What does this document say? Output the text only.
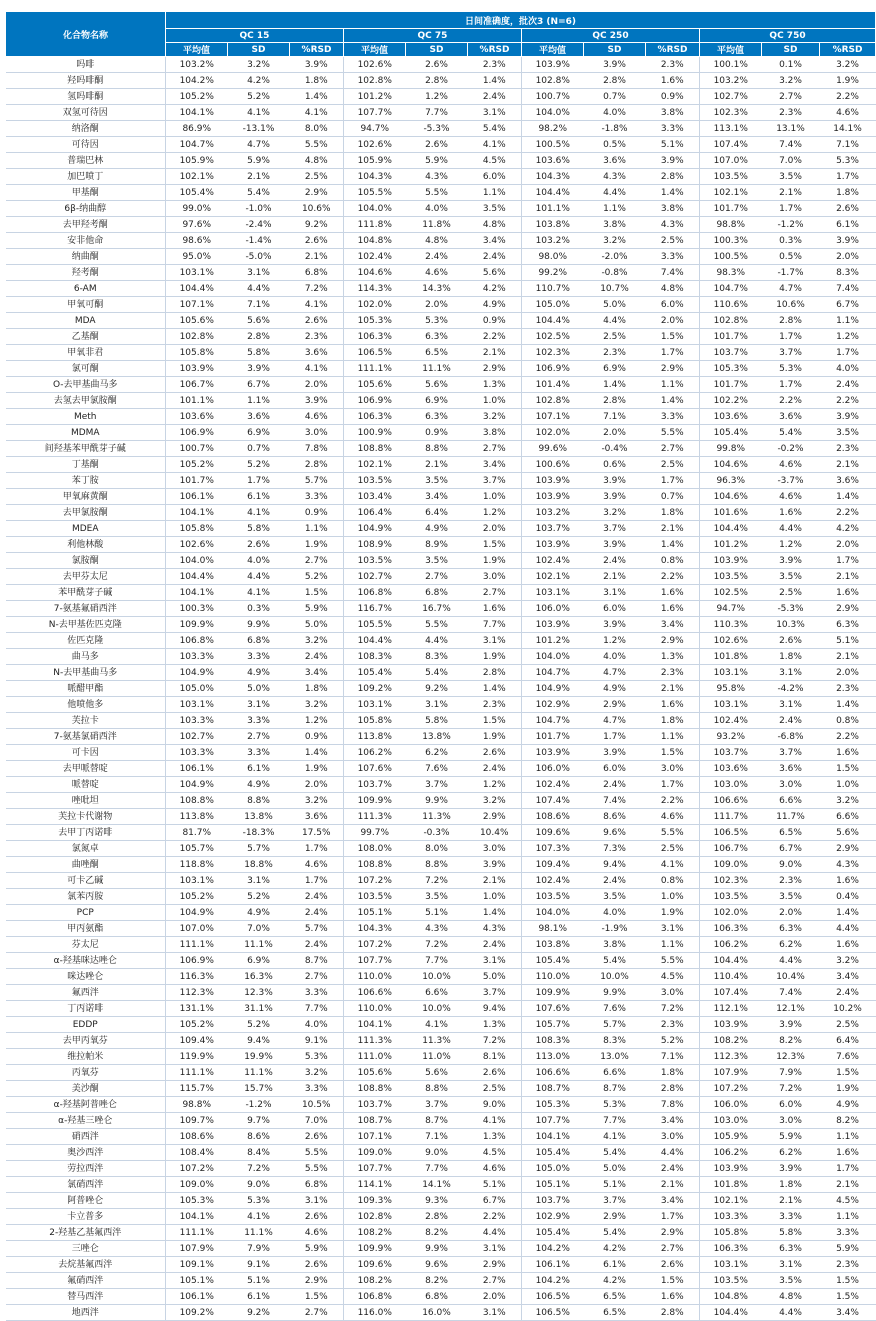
化合物名称	日间准确度，批次3 (N=6)											
	QC 15			QC 75			QC 250			QC 750		
	平均值	SD	%RSD	平均值	SD	%RSD	平均值	SD	%RSD	平均值	SD	%RSD
吗啡	103.2%	3.2%	3.9%	102.6%	2.6%	2.3%	103.9%	3.9%	2.3%	100.1%	0.1%	3.2%
羟吗啡酮	104.2%	4.2%	1.8%	102.8%	2.8%	1.4%	102.8%	2.8%	1.6%	103.2%	3.2%	1.9%
氢吗啡酮	105.2%	5.2%	1.4%	101.2%	1.2%	2.4%	100.7%	0.7%	0.9%	102.7%	2.7%	2.2%
双氢可待因	104.1%	4.1%	4.1%	107.7%	7.7%	3.1%	104.0%	4.0%	3.8%	102.3%	2.3%	4.6%
纳洛酮	86.9%	-13.1%	8.0%	94.7%	-5.3%	5.4%	98.2%	-1.8%	3.3%	113.1%	13.1%	14.1%
可待因	104.7%	4.7%	5.5%	102.6%	2.6%	4.1%	100.5%	0.5%	5.1%	107.4%	7.4%	7.1%
普瑞巴林	105.9%	5.9%	4.8%	105.9%	5.9%	4.5%	103.6%	3.6%	3.9%	107.0%	7.0%	5.3%
加巴喷丁	102.1%	2.1%	2.5%	104.3%	4.3%	6.0%	104.3%	4.3%	2.8%	103.5%	3.5%	1.7%
甲基酮	105.4%	5.4%	2.9%	105.5%	5.5%	1.1%	104.4%	4.4%	1.4%	102.1%	2.1%	1.8%
6β-纳曲醇	99.0%	-1.0%	10.6%	104.0%	4.0%	3.5%	101.1%	1.1%	3.8%	101.7%	1.7%	2.6%
去甲羟考酮	97.6%	-2.4%	9.2%	111.8%	11.8%	4.8%	103.8%	3.8%	4.3%	98.8%	-1.2%	6.1%
安非他命	98.6%	-1.4%	2.6%	104.8%	4.8%	3.4%	103.2%	3.2%	2.5%	100.3%	0.3%	3.9%
纳曲酮	95.0%	-5.0%	2.1%	102.4%	2.4%	2.4%	98.0%	-2.0%	3.3%	100.5%	0.5%	2.0%
羟考酮	103.1%	3.1%	6.8%	104.6%	4.6%	5.6%	99.2%	-0.8%	7.4%	98.3%	-1.7%	8.3%
6-AM	104.4%	4.4%	7.2%	114.3%	14.3%	4.2%	110.7%	10.7%	4.8%	104.7%	4.7%	7.4%
甲氧可酮	107.1%	7.1%	4.1%	102.0%	2.0%	4.9%	105.0%	5.0%	6.0%	110.6%	10.6%	6.7%
MDA	105.6%	5.6%	2.6%	105.3%	5.3%	0.9%	104.4%	4.4%	2.0%	102.8%	2.8%	1.1%
乙基酮	102.8%	2.8%	2.3%	106.3%	6.3%	2.2%	102.5%	2.5%	1.5%	101.7%	1.7%	1.2%
甲氧非君	105.8%	5.8%	3.6%	106.5%	6.5%	2.1%	102.3%	2.3%	1.7%	103.7%	3.7%	1.7%
氯可酮	103.9%	3.9%	4.1%	111.1%	11.1%	2.9%	106.9%	6.9%	2.9%	105.3%	5.3%	4.0%
O-去甲基曲马多	106.7%	6.7%	2.0%	105.6%	5.6%	1.3%	101.4%	1.4%	1.1%	101.7%	1.7%	2.4%
去氢去甲氯胺酮	101.1%	1.1%	3.9%	106.9%	6.9%	1.0%	102.8%	2.8%	1.4%	102.2%	2.2%	2.2%
Meth	103.6%	3.6%	4.6%	106.3%	6.3%	3.2%	107.1%	7.1%	3.3%	103.6%	3.6%	3.9%
MDMA	106.9%	6.9%	3.0%	100.9%	0.9%	3.8%	102.0%	2.0%	5.5%	105.4%	5.4%	3.5%
间羟基苯甲酰芽子碱	100.7%	0.7%	7.8%	108.8%	8.8%	2.7%	99.6%	-0.4%	2.7%	99.8%	-0.2%	2.3%
丁基酮	105.2%	5.2%	2.8%	102.1%	2.1%	3.4%	100.6%	0.6%	2.5%	104.6%	4.6%	2.1%
苯丁胺	101.7%	1.7%	5.7%	103.5%	3.5%	3.7%	103.9%	3.9%	1.7%	96.3%	-3.7%	3.6%
甲氧麻黄酮	106.1%	6.1%	3.3%	103.4%	3.4%	1.0%	103.9%	3.9%	0.7%	104.6%	4.6%	1.4%
去甲氯胺酮	104.1%	4.1%	0.9%	106.4%	6.4%	1.2%	103.2%	3.2%	1.8%	101.6%	1.6%	2.2%
MDEA	105.8%	5.8%	1.1%	104.9%	4.9%	2.0%	103.7%	3.7%	2.1%	104.4%	4.4%	4.2%
利他林酸	102.6%	2.6%	1.9%	108.9%	8.9%	1.5%	103.9%	3.9%	1.4%	101.2%	1.2%	2.0%
氯胺酮	104.0%	4.0%	2.7%	103.5%	3.5%	1.9%	102.4%	2.4%	0.8%	103.9%	3.9%	1.7%
去甲芬太尼	104.4%	4.4%	5.2%	102.7%	2.7%	3.0%	102.1%	2.1%	2.2%	103.5%	3.5%	2.1%
苯甲酰芽子碱	104.1%	4.1%	1.5%	106.8%	6.8%	2.7%	103.1%	3.1%	1.6%	102.5%	2.5%	1.6%
7-氨基氟硝西泮	100.3%	0.3%	5.9%	116.7%	16.7%	1.6%	106.0%	6.0%	1.6%	94.7%	-5.3%	2.9%
N-去甲基佐匹克隆	109.9%	9.9%	5.0%	105.5%	5.5%	7.7%	103.9%	3.9%	3.4%	110.3%	10.3%	6.3%
佐匹克隆	106.8%	6.8%	3.2%	104.4%	4.4%	3.1%	101.2%	1.2%	2.9%	102.6%	2.6%	5.1%
曲马多	103.3%	3.3%	2.4%	108.3%	8.3%	1.9%	104.0%	4.0%	1.3%	101.8%	1.8%	2.1%
N-去甲基曲马多	104.9%	4.9%	3.4%	105.4%	5.4%	2.8%	104.7%	4.7%	2.3%	103.1%	3.1%	2.0%
哌醋甲酯	105.0%	5.0%	1.8%	109.2%	9.2%	1.4%	104.9%	4.9%	2.1%	95.8%	-4.2%	2.3%
他喷他多	103.1%	3.1%	3.2%	103.1%	3.1%	2.3%	102.9%	2.9%	1.6%	103.1%	3.1%	1.4%
芙拉卡	103.3%	3.3%	1.2%	105.8%	5.8%	1.5%	104.7%	4.7%	1.8%	102.4%	2.4%	0.8%
7-氨基氯硝西泮	102.7%	2.7%	0.9%	113.8%	13.8%	1.9%	101.7%	1.7%	1.1%	93.2%	-6.8%	2.2%
可卡因	103.3%	3.3%	1.4%	106.2%	6.2%	2.6%	103.9%	3.9%	1.5%	103.7%	3.7%	1.6%
去甲哌替啶	106.1%	6.1%	1.9%	107.6%	7.6%	2.4%	106.0%	6.0%	3.0%	103.6%	3.6%	1.5%
哌替啶	104.9%	4.9%	2.0%	103.7%	3.7%	1.2%	102.4%	2.4%	1.7%	103.0%	3.0%	1.0%
唑吡坦	108.8%	8.8%	3.2%	109.9%	9.9%	3.2%	107.4%	7.4%	2.2%	106.6%	6.6%	3.2%
芙拉卡代谢物	113.8%	13.8%	3.6%	111.3%	11.3%	2.9%	108.6%	8.6%	4.6%	111.7%	11.7%	6.6%
去甲丁丙诺啡	81.7%	-18.3%	17.5%	99.7%	-0.3%	10.4%	109.6%	9.6%	5.5%	106.5%	6.5%	5.6%
氯氮卓	105.7%	5.7%	1.7%	108.0%	8.0%	3.0%	107.3%	7.3%	2.5%	106.7%	6.7%	2.9%
曲唑酮	118.8%	18.8%	4.6%	108.8%	8.8%	3.9%	109.4%	9.4%	4.1%	109.0%	9.0%	4.3%
可卡乙碱	103.1%	3.1%	1.7%	107.2%	7.2%	2.1%	102.4%	2.4%	0.8%	102.3%	2.3%	1.6%
氯苯丙胺	105.2%	5.2%	2.4%	103.5%	3.5%	1.0%	103.5%	3.5%	1.0%	103.5%	3.5%	0.4%
PCP	104.9%	4.9%	2.4%	105.1%	5.1%	1.4%	104.0%	4.0%	1.9%	102.0%	2.0%	1.4%
甲丙氨酯	107.0%	7.0%	5.7%	104.3%	4.3%	4.3%	98.1%	-1.9%	3.1%	106.3%	6.3%	4.4%
芬太尼	111.1%	11.1%	2.4%	107.2%	7.2%	2.4%	103.8%	3.8%	1.1%	106.2%	6.2%	1.6%
α-羟基咪达唑仑	106.9%	6.9%	8.7%	107.7%	7.7%	3.1%	105.4%	5.4%	5.5%	104.4%	4.4%	3.2%
咪达唑仑	116.3%	16.3%	2.7%	110.0%	10.0%	5.0%	110.0%	10.0%	4.5%	110.4%	10.4%	3.4%
氟西泮	112.3%	12.3%	3.3%	106.6%	6.6%	3.7%	109.9%	9.9%	3.0%	107.4%	7.4%	2.4%
丁丙诺啡	131.1%	31.1%	7.7%	110.0%	10.0%	9.4%	107.6%	7.6%	7.2%	112.1%	12.1%	10.2%
EDDP	105.2%	5.2%	4.0%	104.1%	4.1%	1.3%	105.7%	5.7%	2.3%	103.9%	3.9%	2.5%
去甲丙氧芬	109.4%	9.4%	9.1%	111.3%	11.3%	7.2%	108.3%	8.3%	5.2%	108.2%	8.2%	6.4%
维拉帕米	119.9%	19.9%	5.3%	111.0%	11.0%	8.1%	113.0%	13.0%	7.1%	112.3%	12.3%	7.6%
丙氧芬	111.1%	11.1%	3.2%	105.6%	5.6%	2.6%	106.6%	6.6%	1.8%	107.9%	7.9%	1.5%
美沙酮	115.7%	15.7%	3.3%	108.8%	8.8%	2.5%	108.7%	8.7%	2.8%	107.2%	7.2%	1.9%
α-羟基阿普唑仑	98.8%	-1.2%	10.5%	103.7%	3.7%	9.0%	105.3%	5.3%	7.8%	106.0%	6.0%	4.9%
α-羟基三唑仑	109.7%	9.7%	7.0%	108.7%	8.7%	4.1%	107.7%	7.7%	3.4%	103.0%	3.0%	8.2%
硝西泮	108.6%	8.6%	2.6%	107.1%	7.1%	1.3%	104.1%	4.1%	3.0%	105.9%	5.9%	1.1%
奥沙西泮	108.4%	8.4%	5.5%	109.0%	9.0%	4.5%	105.4%	5.4%	4.4%	106.2%	6.2%	1.6%
劳拉西泮	107.2%	7.2%	5.5%	107.7%	7.7%	4.6%	105.0%	5.0%	2.4%	103.9%	3.9%	1.7%
氯硝西泮	109.0%	9.0%	6.8%	114.1%	14.1%	5.1%	105.1%	5.1%	2.1%	101.8%	1.8%	2.1%
阿普唑仑	105.3%	5.3%	3.1%	109.3%	9.3%	6.7%	103.7%	3.7%	3.4%	102.1%	2.1%	4.5%
卡立普多	104.1%	4.1%	2.6%	102.8%	2.8%	2.2%	102.9%	2.9%	1.7%	103.3%	3.3%	1.1%
2-羟基乙基氟西泮	111.1%	11.1%	4.6%	108.2%	8.2%	4.4%	105.4%	5.4%	2.9%	105.8%	5.8%	3.3%
三唑仑	107.9%	7.9%	5.9%	109.9%	9.9%	3.1%	104.2%	4.2%	2.7%	106.3%	6.3%	5.9%
去烷基氟西泮	109.1%	9.1%	2.6%	109.6%	9.6%	2.9%	106.1%	6.1%	2.6%	103.1%	3.1%	2.3%
氟硝西泮	105.1%	5.1%	2.9%	108.2%	8.2%	2.7%	104.2%	4.2%	1.5%	103.5%	3.5%	1.5%
替马西泮	106.1%	6.1%	1.5%	106.8%	6.8%	2.0%	106.5%	6.5%	1.6%	104.8%	4.8%	1.5%
地西泮	109.2%	9.2%	2.7%	116.0%	16.0%	3.1%	106.5%	6.5%	2.8%	104.4%	4.4%	3.4%
